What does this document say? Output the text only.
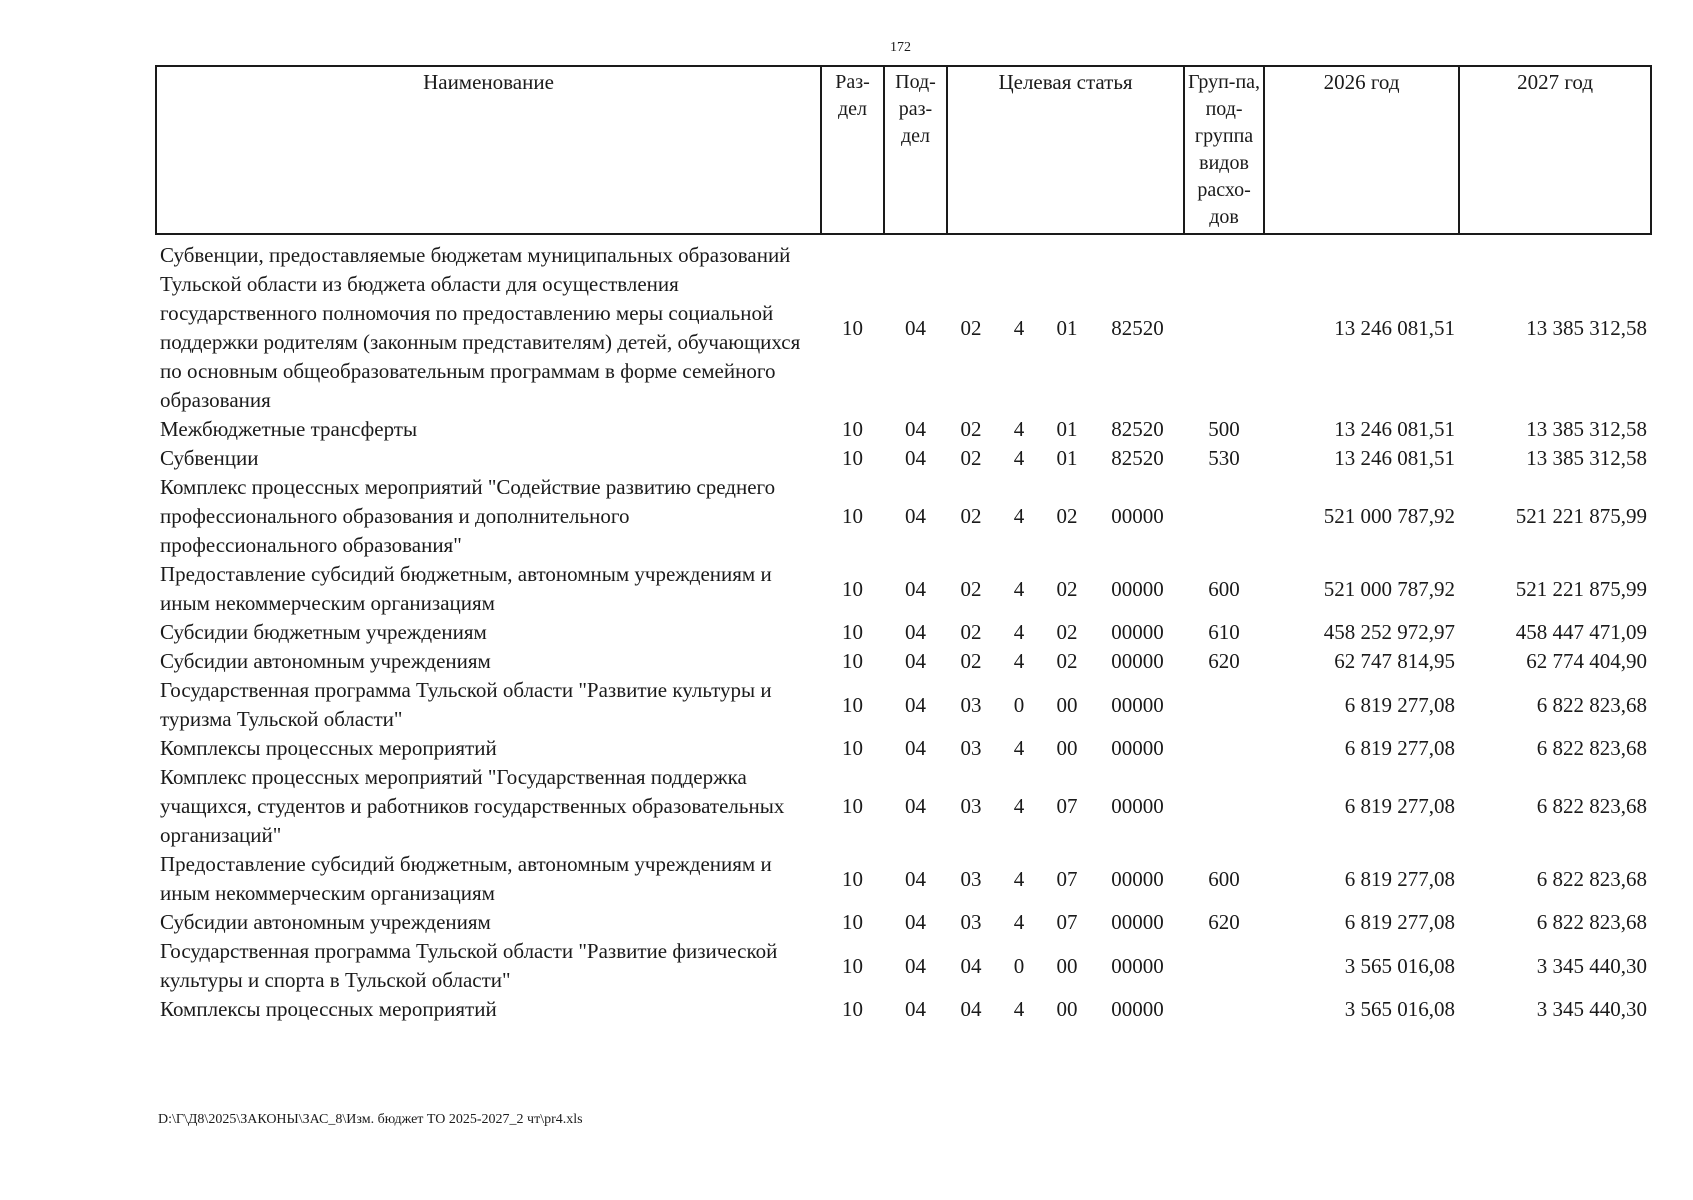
172
Наименование	Раз-дел	Под-раз-дел	Целевая статья				Груп-па, под-группа видов расхо-дов	2026 год	2027 год
Субвенции, предоставляемые бюджетам муниципальных образований Тульской области из бюджета области для осуществления государственного полномочия по предоставлению меры социальной поддержки родителям (законным представителям) детей, обучающихся по основным общеобразовательным программам в форме семейного образования	10	04	02	4	01	82520		13 246 081,51	13 385 312,58
Межбюджетные трансферты	10	04	02	4	01	82520	500	13 246 081,51	13 385 312,58
Субвенции	10	04	02	4	01	82520	530	13 246 081,51	13 385 312,58
Комплекс процессных мероприятий "Содействие развитию среднего профессионального образования и дополнительного профессионального образования"	10	04	02	4	02	00000		521 000 787,92	521 221 875,99
Предоставление субсидий бюджетным, автономным учреждениям и иным некоммерческим организациям	10	04	02	4	02	00000	600	521 000 787,92	521 221 875,99
Субсидии бюджетным учреждениям	10	04	02	4	02	00000	610	458 252 972,97	458 447 471,09
Субсидии автономным учреждениям	10	04	02	4	02	00000	620	62 747 814,95	62 774 404,90
Государственная программа Тульской области "Развитие культуры и туризма Тульской области"	10	04	03	0	00	00000		6 819 277,08	6 822 823,68
Комплексы процессных мероприятий	10	04	03	4	00	00000		6 819 277,08	6 822 823,68
Комплекс процессных мероприятий "Государственная поддержка учащихся, студентов и работников государственных образовательных организаций"	10	04	03	4	07	00000		6 819 277,08	6 822 823,68
Предоставление субсидий бюджетным, автономным учреждениям и иным некоммерческим организациям	10	04	03	4	07	00000	600	6 819 277,08	6 822 823,68
Субсидии автономным учреждениям	10	04	03	4	07	00000	620	6 819 277,08	6 822 823,68
Государственная программа Тульской области "Развитие физической культуры и спорта в Тульской области"	10	04	04	0	00	00000		3 565 016,08	3 345 440,30
Комплексы процессных мероприятий	10	04	04	4	00	00000		3 565 016,08	3 345 440,30
D:\Г\Д8\2025\ЗАКОНЫ\ЗАС_8\Изм. бюджет ТО 2025-2027_2 чт\pr4.xls
